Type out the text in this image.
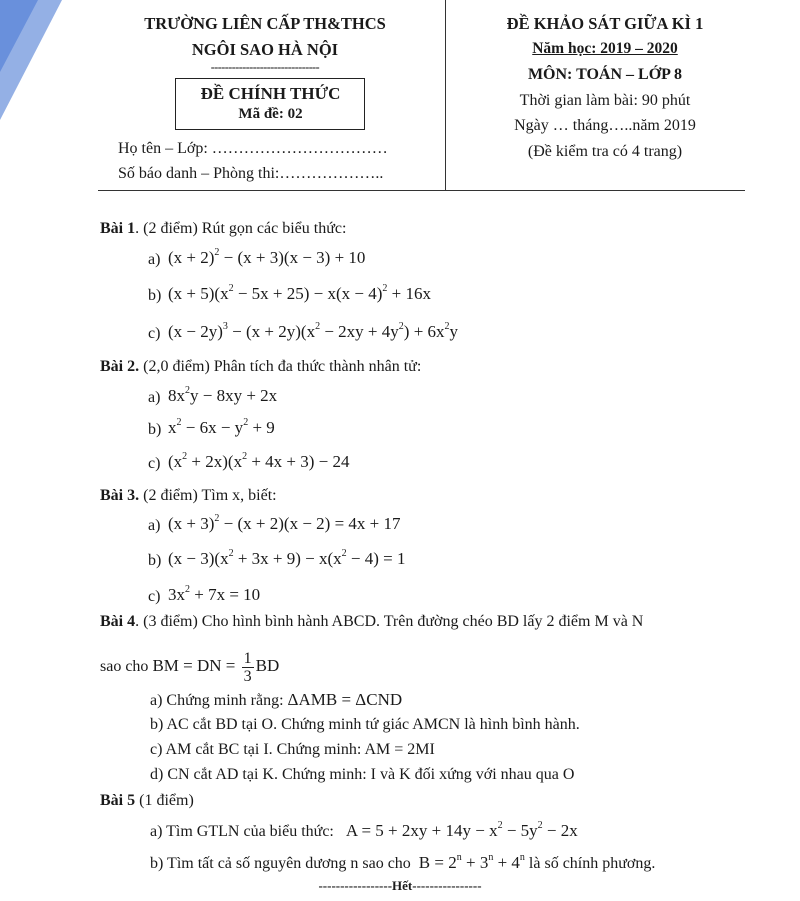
TRƯỜNG LIÊN CẤP TH&THCS
NGÔI SAO HÀ NỘI
-------------------------------
ĐỀ CHÍNH THỨC
Mã đề: 02
Họ tên – Lớp: ……………………………
Số báo danh – Phòng thi:………………..
ĐỀ KHẢO SÁT GIỮA KÌ 1
Năm học: 2019 – 2020
MÔN: TOÁN – LỚP 8
Thời gian làm bài: 90 phút
Ngày … tháng…..năm 2019
(Đề kiểm tra có 4 trang)
Bài 1. (2 điểm) Rút gọn các biểu thức:
a) $(x + 2)^2 - (x + 3)(x - 3) + 10$
b) $(x + 5)(x^2 - 5x + 25) - x(x - 4)^2 + 16x$
c) $(x - 2y)^3 - (x + 2y)(x^2 - 2xy + 4y^2) + 6x^2y$
Bài 2. (2,0 điểm) Phân tích đa thức thành nhân tử:
a) $8x^2y - 8xy + 2x$
b) $x^2 - 6x - y^2 + 9$
c) $(x^2 + 2x)(x^2 + 4x + 3) - 24$
Bài 3. (2 điểm) Tìm x, biết:
a) $(x + 3)^2 - (x + 2)(x - 2) = 4x + 17$
b) $(x - 3)(x^2 + 3x + 9) - x(x^2 - 4) = 1$
c) $3x^2 + 7x = 10$
Bài 4. (3 điểm) Cho hình bình hành ABCD. Trên đường chéo BD lấy 2 điểm M và N
sao cho BM = DN = $\frac{1}{3}$ BD
a) Chứng minh rằng: ΔAMB = ΔCND
b) AC cắt BD tại O. Chứng minh tứ giác AMCN là hình bình hành.
c) AM cắt BC tại I. Chứng minh: AM = 2MI
d) CN cắt AD tại K. Chứng minh: I và K đối xứng với nhau qua O
Bài 5 (1 điểm)
a) Tìm GTLN của biểu thức: $A = 5 + 2xy + 14y - x^2 - 5y^2 - 2x$
b) Tìm tất cả số nguyên dương n sao cho $B = 2^n + 3^n + 4^n$ là số chính phương.
-----------------Hết----------------
